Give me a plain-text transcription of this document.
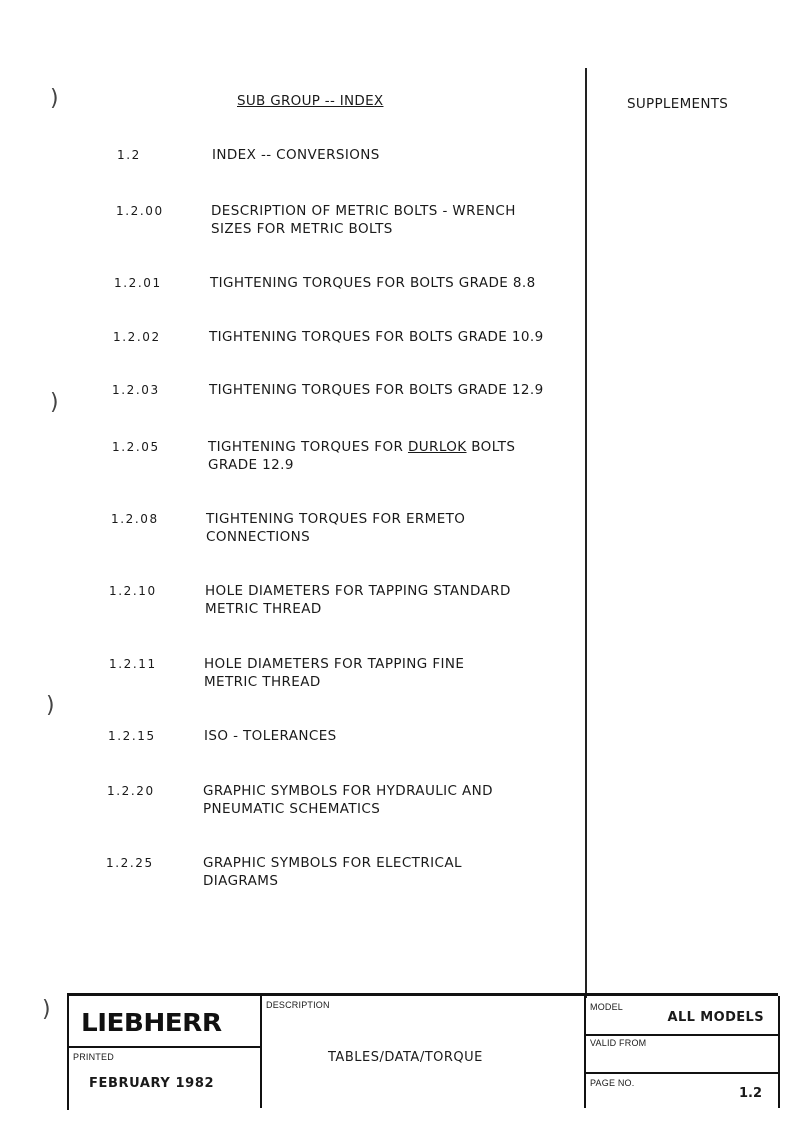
)
)
)
)
SUB GROUP -- INDEX	SUPPLEMENTS
1.2	INDEX -- CONVERSIONS
1.2.00	DESCRIPTION OF METRIC BOLTS - WRENCH
SIZES FOR METRIC BOLTS
1.2.01	TIGHTENING TORQUES FOR BOLTS GRADE 8.8
1.2.02	TIGHTENING TORQUES FOR BOLTS GRADE 10.9
1.2.03	TIGHTENING TORQUES FOR BOLTS GRADE 12.9
1.2.05	TIGHTENING TORQUES FOR DURLOK BOLTS
GRADE 12.9
1.2.08	TIGHTENING TORQUES FOR ERMETO
CONNECTIONS
1.2.10	HOLE DIAMETERS FOR TAPPING STANDARD
METRIC THREAD
1.2.11	HOLE DIAMETERS FOR TAPPING FINE
METRIC THREAD
1.2.15	ISO - TOLERANCES
1.2.20	GRAPHIC SYMBOLS FOR HYDRAULIC AND
PNEUMATIC SCHEMATICS
1.2.25	GRAPHIC SYMBOLS FOR ELECTRICAL
DIAGRAMS
LIEBHERR
PRINTED
FEBRUARY 1982
DESCRIPTION
TABLES/DATA/TORQUE
MODEL
ALL MODELS
VALID FROM
PAGE NO.
1.2
